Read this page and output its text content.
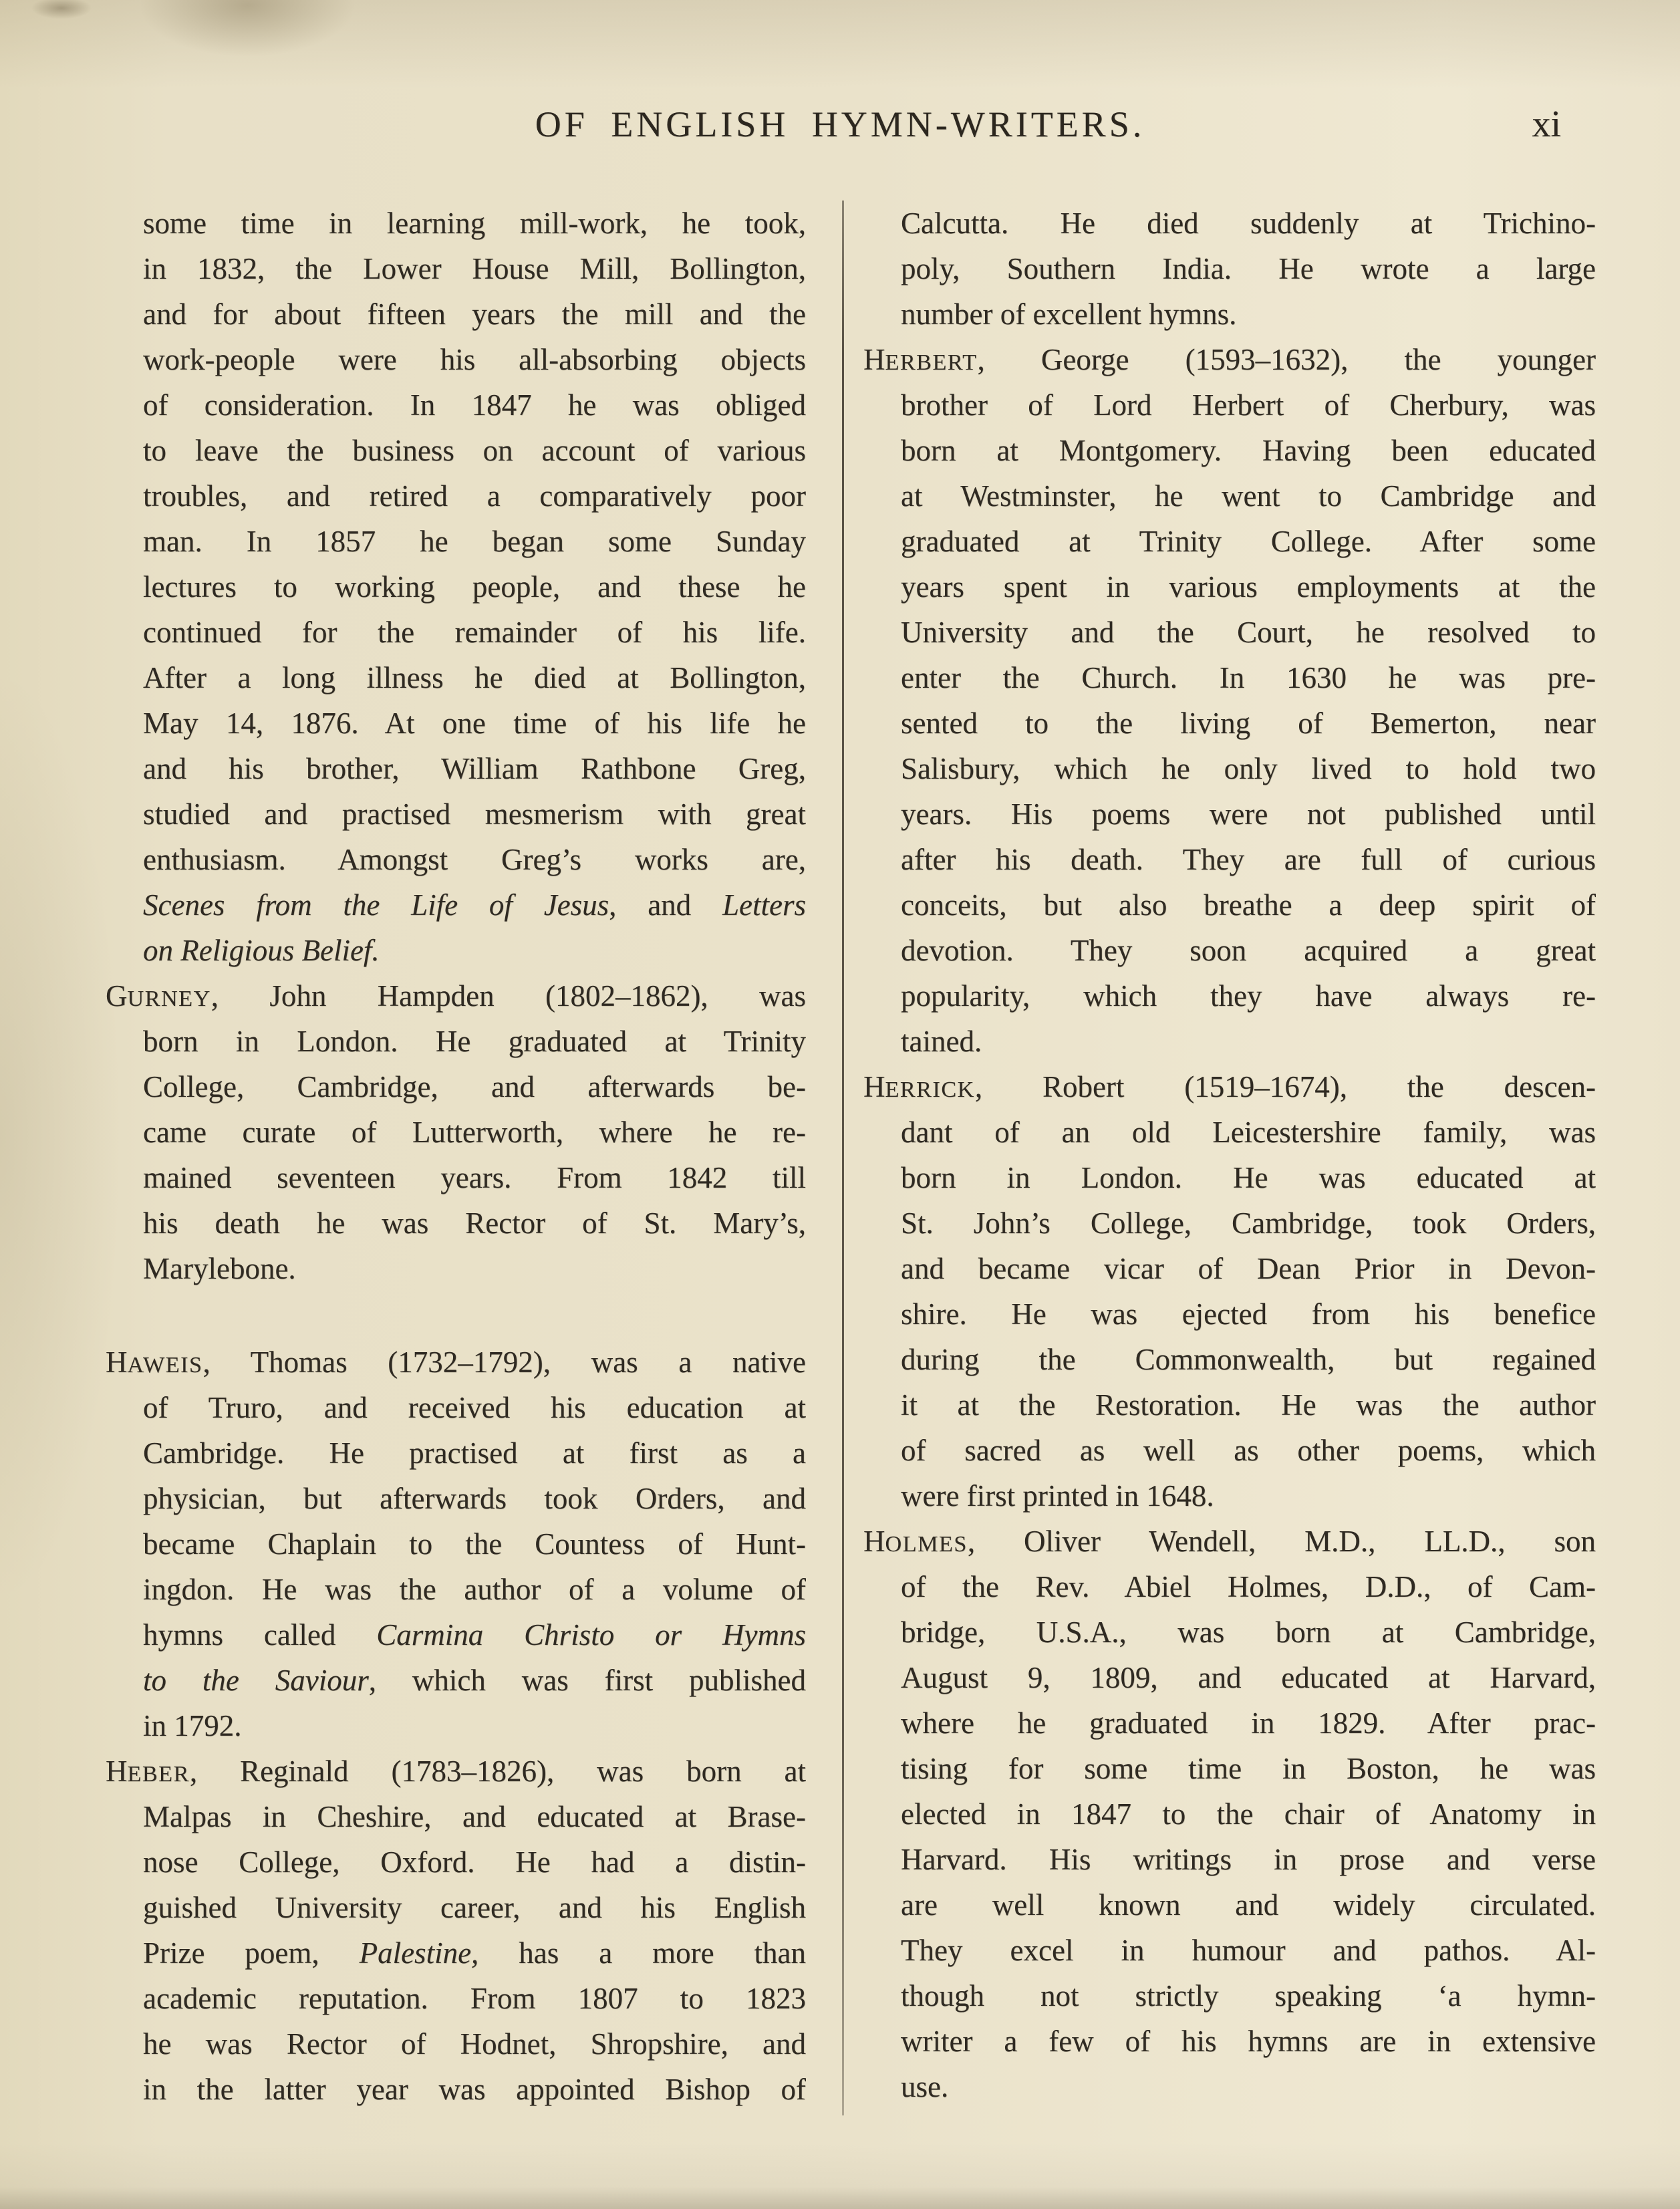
OF ENGLISH HYMN-WRITERS.	xi
some time in learning mill-work, he took,
in 1832, the Lower House Mill, Bollington,
and for about fifteen years the mill and the
work-people were his all-absorbing objects
of consideration. In 1847 he was obliged
to leave the business on account of various
troubles, and retired a comparatively poor
man. In 1857 he began some Sunday
lectures to working people, and these he
continued for the remainder of his life.
After a long illness he died at Bollington,
May 14, 1876. At one time of his life he
and his brother, William Rathbone Greg,
studied and practised mesmerism with great
enthusiasm. Amongst Greg’s works are,
Scenes from the Life of Jesus, and Letters
on Religious Belief.
GURNEY, John Hampden (1802–1862), was
born in London. He graduated at Trinity
College, Cambridge, and afterwards be-
came curate of Lutterworth, where he re-
mained seventeen years. From 1842 till
his death he was Rector of St. Mary’s,
Marylebone.
HAWEIS, Thomas (1732–1792), was a native
of Truro, and received his education at
Cambridge. He practised at first as a
physician, but afterwards took Orders, and
became Chaplain to the Countess of Hunt-
ingdon. He was the author of a volume of
hymns called Carmina Christo or Hymns
to the Saviour, which was first published
in 1792.
HEBER, Reginald (1783–1826), was born at
Malpas in Cheshire, and educated at Brase-
nose College, Oxford. He had a distin-
guished University career, and his English
Prize poem, Palestine, has a more than
academic reputation. From 1807 to 1823
he was Rector of Hodnet, Shropshire, and
in the latter year was appointed Bishop of
Calcutta. He died suddenly at Trichino-
poly, Southern India. He wrote a large
number of excellent hymns.
HERBERT, George (1593–1632), the younger
brother of Lord Herbert of Cherbury, was
born at Montgomery. Having been educated
at Westminster, he went to Cambridge and
graduated at Trinity College. After some
years spent in various employments at the
University and the Court, he resolved to
enter the Church. In 1630 he was pre-
sented to the living of Bemerton, near
Salisbury, which he only lived to hold two
years. His poems were not published until
after his death. They are full of curious
conceits, but also breathe a deep spirit of
devotion. They soon acquired a great
popularity, which they have always re-
tained.
HERRICK, Robert (1519–1674), the descen-
dant of an old Leicestershire family, was
born in London. He was educated at
St. John’s College, Cambridge, took Orders,
and became vicar of Dean Prior in Devon-
shire. He was ejected from his benefice
during the Commonwealth, but regained
it at the Restoration. He was the author
of sacred as well as other poems, which
were first printed in 1648.
HOLMES, Oliver Wendell, M.D., LL.D., son
of the Rev. Abiel Holmes, D.D., of Cam-
bridge, U.S.A., was born at Cambridge,
August 9, 1809, and educated at Harvard,
where he graduated in 1829. After prac-
tising for some time in Boston, he was
elected in 1847 to the chair of Anatomy in
Harvard. His writings in prose and verse
are well known and widely circulated.
They excel in humour and pathos. Al-
though not strictly speaking ‘a hymn-
writer a few of his hymns are in extensive
use.
